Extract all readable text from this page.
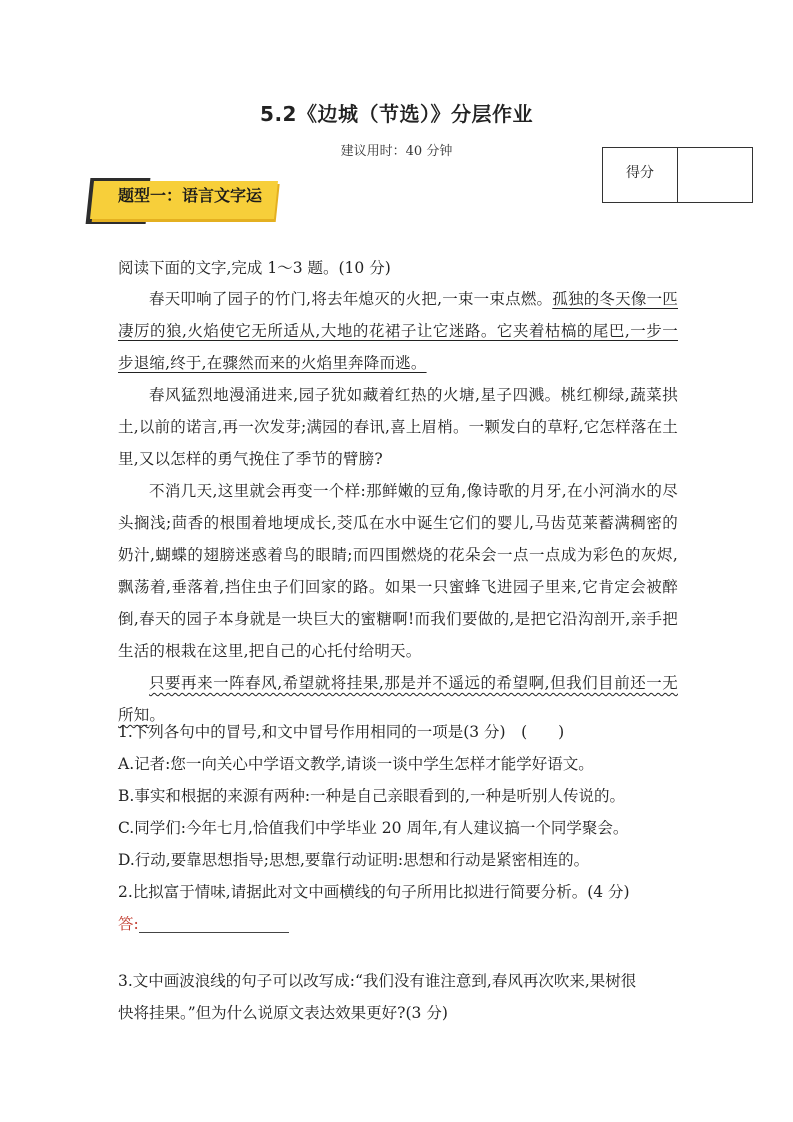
5.2《边城（节选）》分层作业
建议用时：40 分钟
得分
题型一：语言文字运

阅读下面的文字,完成 1～3 题。(10 分)

春天叩响了园子的竹门,将去年熄灭的火把,一束一束点燃。孤独的冬天像一匹凄厉的狼,火焰使它无所适从,大地的花裙子让它迷路。它夹着枯槁的尾巴,一步一步退缩,终于,在骤然而来的火焰里奔降而逃。

春风猛烈地漫涌进来,园子犹如藏着红热的火塘,星子四溅。桃红柳绿,蔬菜拱土,以前的诺言,再一次发芽;满园的春讯,喜上眉梢。一颗发白的草籽,它怎样落在土里,又以怎样的勇气挽住了季节的臂膀?

不消几天,这里就会再变一个样:那鲜嫩的豆角,像诗歌的月牙,在小河淌水的尽头搁浅;茴香的根围着地埂成长,茭瓜在水中诞生它们的婴儿,马齿苋莱蓄满稠密的奶汁,蝴蝶的翅膀迷惑着鸟的眼睛;而四围燃烧的花朵会一点一点成为彩色的灰烬,飘荡着,垂落着,挡住虫子们回家的路。如果一只蜜蜂飞进园子里来,它肯定会被醉倒,春天的园子本身就是一块巨大的蜜糖啊!而我们要做的,是把它沿沟剖开,亲手把生活的根栽在这里,把自己的心托付给明天。

只要再来一阵春风,希望就将挂果,那是并不遥远的希望啊,但我们目前还一无所知。

1.下列各句中的冒号,和文中冒号作用相同的一项是(3 分)　(　　)

A.记者:您一向关心中学语文教学,请谈一谈中学生怎样才能学好语文。

B.事实和根据的来源有两种:一种是自己亲眼看到的,一种是听别人传说的。

C.同学们:今年七月,恰值我们中学毕业 20 周年,有人建议搞一个同学聚会。

D.行动,要靠思想指导;思想,要靠行动证明:思想和行动是紧密相连的。

2.比拟富于情味,请据此对文中画横线的句子所用比拟进行简要分析。(4 分)

答:

3.文中画波浪线的句子可以改写成:“我们没有谁注意到,春风再次吹来,果树很

快将挂果。”但为什么说原文表达效果更好?(3 分)
